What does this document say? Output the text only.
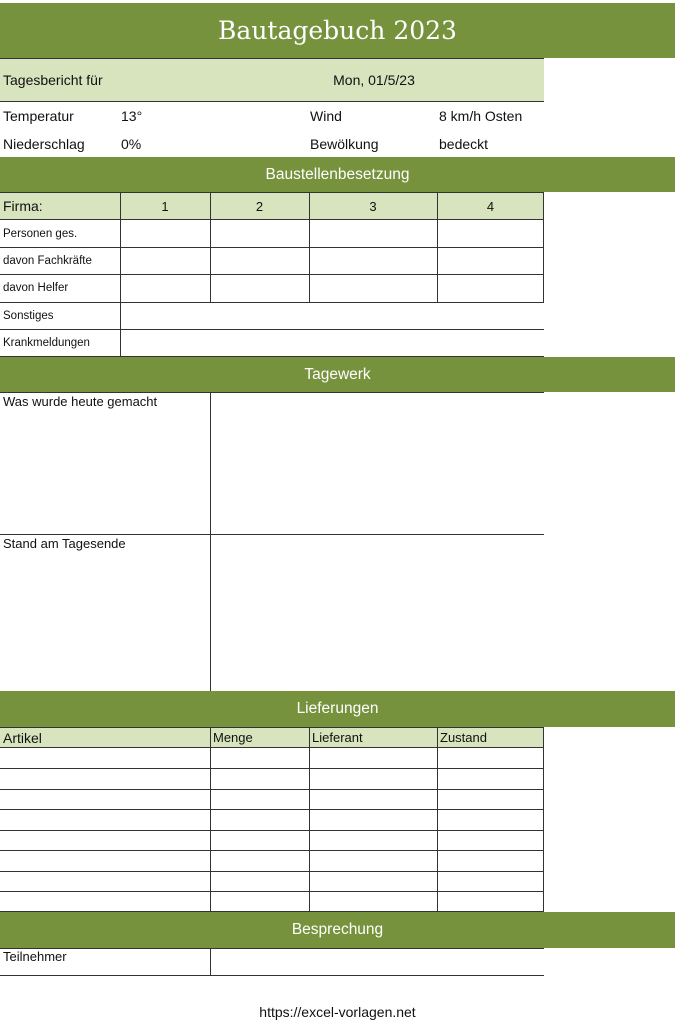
Bautagebuch 2023
Tagesbericht für	Mon, 01/5/23
Temperatur	13°	Wind	8 km/h Osten
Niederschlag	0%	Bewölkung	bedeckt
Baustellenbesetzung
Firma:	1	2	3	4
Personen ges.
davon Fachkräfte
davon Helfer
Sonstiges
Krankmeldungen
Tagewerk
Was wurde heute gemacht
Stand am Tagesende
Lieferungen
Artikel	Menge	Lieferant	Zustand
Besprechung
Teilnehmer
https://excel-vorlagen.net
